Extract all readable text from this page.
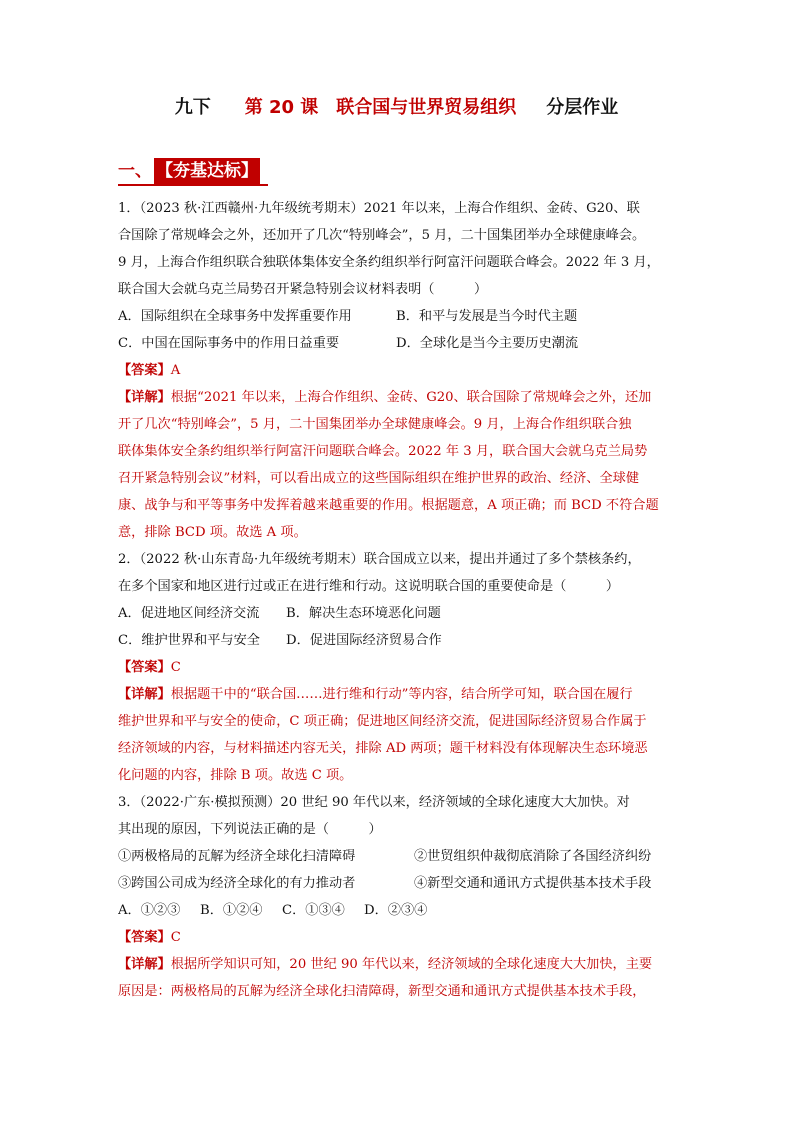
九下 第 20 课　联合国与世界贸易组织 分层作业
一、 【夯基达标】
1．（2023 秋·江西赣州·九年级统考期末）2021 年以来，上海合作组织、金砖、G20、联
合国除了常规峰会之外，还加开了几次“特别峰会”，5 月，二十国集团举办全球健康峰会。
9 月，上海合作组织联合独联体集体安全条约组织举行阿富汗问题联合峰会。2022 年 3 月，
联合国大会就乌克兰局势召开紧急特别会议材料表明（　　　）
A．国际组织在全球事务中发挥重要作用	B．和平与发展是当今时代主题
C．中国在国际事务中的作用日益重要	D．全球化是当今主要历史潮流
【答案】A
【详解】根据“2021 年以来，上海合作组织、金砖、G20、联合国除了常规峰会之外，还加
开了几次“特别峰会”，5 月，二十国集团举办全球健康峰会。9 月，上海合作组织联合独
联体集体安全条约组织举行阿富汗问题联合峰会。2022 年 3 月，联合国大会就乌克兰局势
召开紧急特别会议”材料，可以看出成立的这些国际组织在维护世界的政治、经济、全球健
康、战争与和平等事务中发挥着越来越重要的作用。根据题意，A 项正确；而 BCD 不符合题
意，排除 BCD 项。故选 A 项。
2．（2022 秋·山东青岛·九年级统考期末）联合国成立以来，提出并通过了多个禁核条约，
在多个国家和地区进行过或正在进行维和行动。这说明联合国的重要使命是（　　　）
A．促进地区间经济交流 B．解决生态环境恶化问题
C．维护世界和平与安全 D．促进国际经济贸易合作
【答案】C
【详解】根据题干中的“联合国……进行维和行动”等内容，结合所学可知，联合国在履行
维护世界和平与安全的使命，C 项正确；促进地区间经济交流，促进国际经济贸易合作属于
经济领域的内容，与材料描述内容无关，排除 AD 两项；题干材料没有体现解决生态环境恶
化问题的内容，排除 B 项。故选 C 项。
3．（2022·广东·模拟预测）20 世纪 90 年代以来，经济领域的全球化速度大大加快。对
其出现的原因，下列说法正确的是（　　　）
①两极格局的瓦解为经济全球化扫清障碍	②世贸组织仲裁彻底消除了各国经济纠纷
③跨国公司成为经济全球化的有力推动者	④新型交通和通讯方式提供基本技术手段
A．①②③ B．①②④ C．①③④ D．②③④
【答案】C
【详解】根据所学知识可知，20 世纪 90 年代以来，经济领域的全球化速度大大加快，主要
原因是：两极格局的瓦解为经济全球化扫清障碍，新型交通和通讯方式提供基本技术手段，
